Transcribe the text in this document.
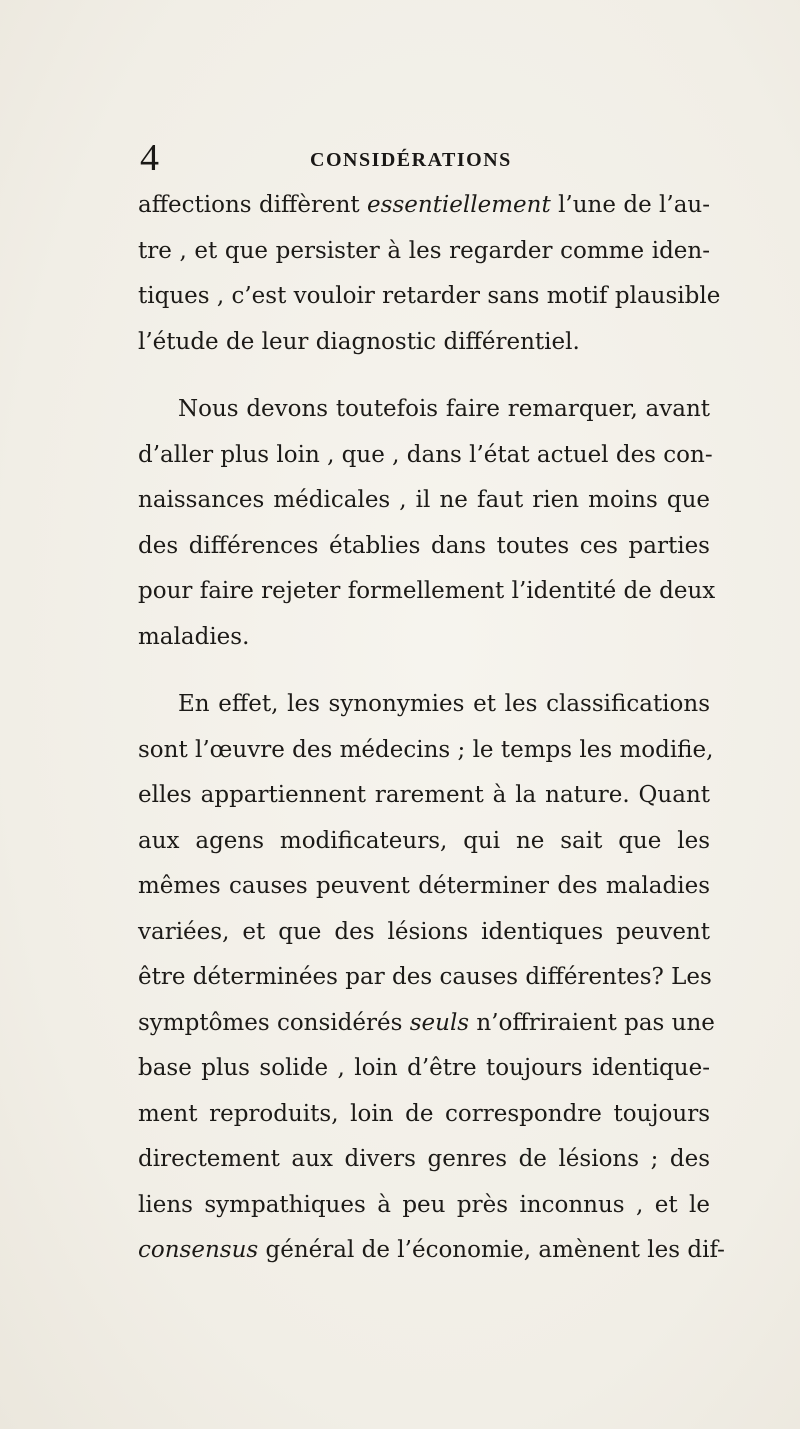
4	CONSIDÉRATIONS
affections diffèrent essentiellement l’une de l’au-
tre , et que persister à les regarder comme iden-
tiques , c’est vouloir retarder sans motif plausible
l’étude de leur diagnostic différentiel.
Nous devons toutefois faire remarquer, avant
d’aller plus loin , que , dans l’état actuel des con-
naissances médicales , il ne faut rien moins que
des différences établies dans toutes ces parties
pour faire rejeter formellement l’identité de deux
maladies.
En effet, les synonymies et les classifications
sont l’œuvre des médecins ; le temps les modifie,
elles appartiennent rarement à la nature. Quant
aux agens modificateurs, qui ne sait que les
mêmes causes peuvent déterminer des maladies
variées, et que des lésions identiques peuvent
être déterminées par des causes différentes? Les
symptômes considérés seuls n’offriraient pas une
base plus solide , loin d’être toujours identique-
ment reproduits, loin de correspondre toujours
directement aux divers genres de lésions ; des
liens sympathiques à peu près inconnus , et le
consensus général de l’économie, amènent les dif-
